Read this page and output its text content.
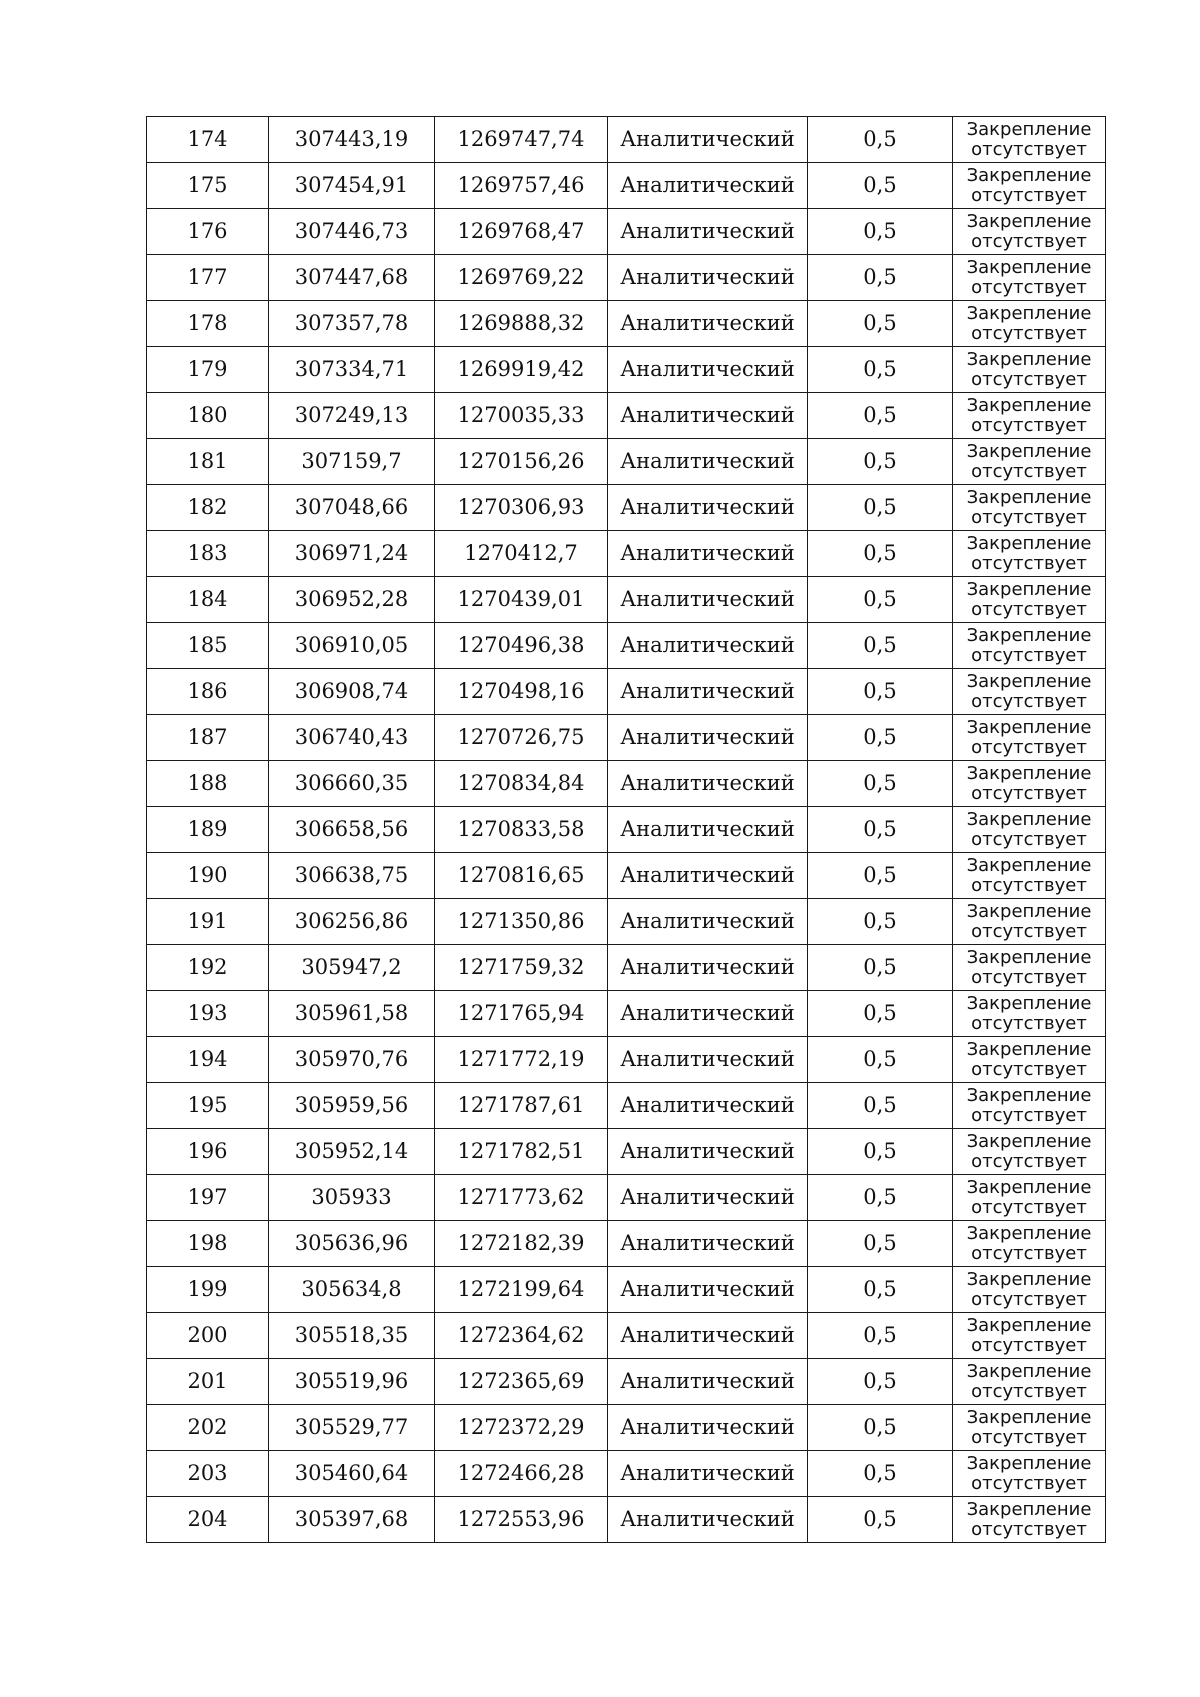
174	307443,19	1269747,74	Аналитический	0,5	Закрепление
отсутствует

175	307454,91	1269757,46	Аналитический	0,5	Закрепление
отсутствует

176	307446,73	1269768,47	Аналитический	0,5	Закрепление
отсутствует

177	307447,68	1269769,22	Аналитический	0,5	Закрепление
отсутствует

178	307357,78	1269888,32	Аналитический	0,5	Закрепление
отсутствует

179	307334,71	1269919,42	Аналитический	0,5	Закрепление
отсутствует

180	307249,13	1270035,33	Аналитический	0,5	Закрепление
отсутствует

181	307159,7	1270156,26	Аналитический	0,5	Закрепление
отсутствует

182	307048,66	1270306,93	Аналитический	0,5	Закрепление
отсутствует

183	306971,24	1270412,7	Аналитический	0,5	Закрепление
отсутствует

184	306952,28	1270439,01	Аналитический	0,5	Закрепление
отсутствует

185	306910,05	1270496,38	Аналитический	0,5	Закрепление
отсутствует

186	306908,74	1270498,16	Аналитический	0,5	Закрепление
отсутствует

187	306740,43	1270726,75	Аналитический	0,5	Закрепление
отсутствует

188	306660,35	1270834,84	Аналитический	0,5	Закрепление
отсутствует

189	306658,56	1270833,58	Аналитический	0,5	Закрепление
отсутствует

190	306638,75	1270816,65	Аналитический	0,5	Закрепление
отсутствует

191	306256,86	1271350,86	Аналитический	0,5	Закрепление
отсутствует

192	305947,2	1271759,32	Аналитический	0,5	Закрепление
отсутствует

193	305961,58	1271765,94	Аналитический	0,5	Закрепление
отсутствует

194	305970,76	1271772,19	Аналитический	0,5	Закрепление
отсутствует

195	305959,56	1271787,61	Аналитический	0,5	Закрепление
отсутствует

196	305952,14	1271782,51	Аналитический	0,5	Закрепление
отсутствует

197	305933	1271773,62	Аналитический	0,5	Закрепление
отсутствует

198	305636,96	1272182,39	Аналитический	0,5	Закрепление
отсутствует

199	305634,8	1272199,64	Аналитический	0,5	Закрепление
отсутствует

200	305518,35	1272364,62	Аналитический	0,5	Закрепление
отсутствует

201	305519,96	1272365,69	Аналитический	0,5	Закрепление
отсутствует

202	305529,77	1272372,29	Аналитический	0,5	Закрепление
отсутствует

203	305460,64	1272466,28	Аналитический	0,5	Закрепление
отсутствует

204	305397,68	1272553,96	Аналитический	0,5	Закрепление
отсутствует
